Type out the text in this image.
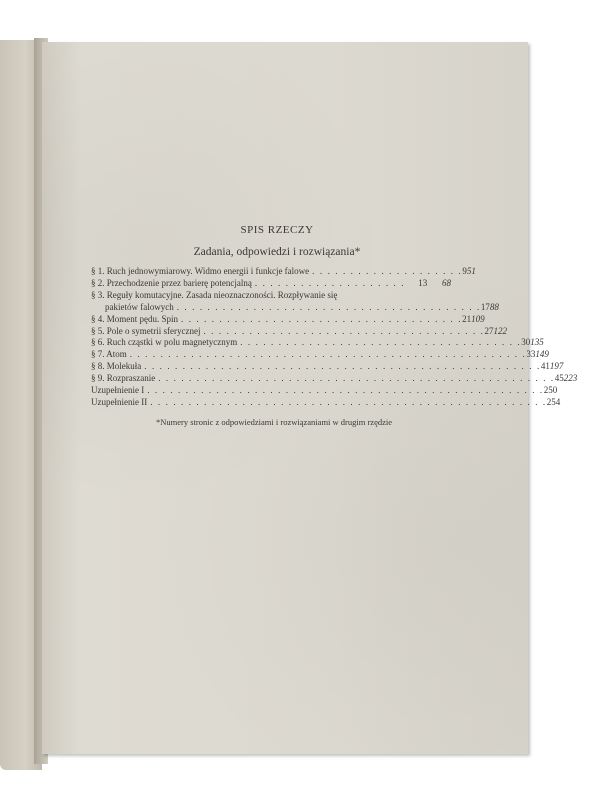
SPIS RZECZY
Zadania, odpowiedzi i rozwiązania*
§ 1. Ruch jednowymiarowy. Widmo energii i funkcje falowe . . . . . . . . . . . . . . . . . . . . 9 51
§ 2. Przechodzenie przez barierę potencjalną . . . . . . . . . . . . . . . . . . . .	13	68
§ 3. Reguły komutacyjne. Zasada nieoznaczoności. Rozpływanie się
pakietów falowych . . . . . . . . . . . . . . . . . . . . . . . . . . . . . . . . . . . . . . . . 17 88
§ 4. Moment pędu. Spin . . . . . . . . . . . . . . . . . . . . . . . . . . . . . . . . . . . . . 21 109
§ 5. Pole o symetrii sferycznej . . . . . . . . . . . . . . . . . . . . . . . . . . . . . . . . . . . . . 27 122
§ 6. Ruch cząstki w polu magnetycznym . . . . . . . . . . . . . . . . . . . . . . . . . . . . . . . . . . . . . 30 135
§ 7. Atom . . . . . . . . . . . . . . . . . . . . . . . . . . . . . . . . . . . . . . . . . . . . . . . . . . . . 33 149
§ 8. Molekuła . . . . . . . . . . . . . . . . . . . . . . . . . . . . . . . . . . . . . . . . . . . . . . . . . . . . 41 197
§ 9. Rozpraszanie . . . . . . . . . . . . . . . . . . . . . . . . . . . . . . . . . . . . . . . . . . . . . . . . . . . . 45 223
Uzupełnienie I . . . . . . . . . . . . . . . . . . . . . . . . . . . . . . . . . . . . . . . . . . . . . . . . . . . . 250
Uzupełnienie II . . . . . . . . . . . . . . . . . . . . . . . . . . . . . . . . . . . . . . . . . . . . . . . . . . . . 254
*Numery stronic z odpowiedziami i rozwiązaniami w drugim rzędzie
